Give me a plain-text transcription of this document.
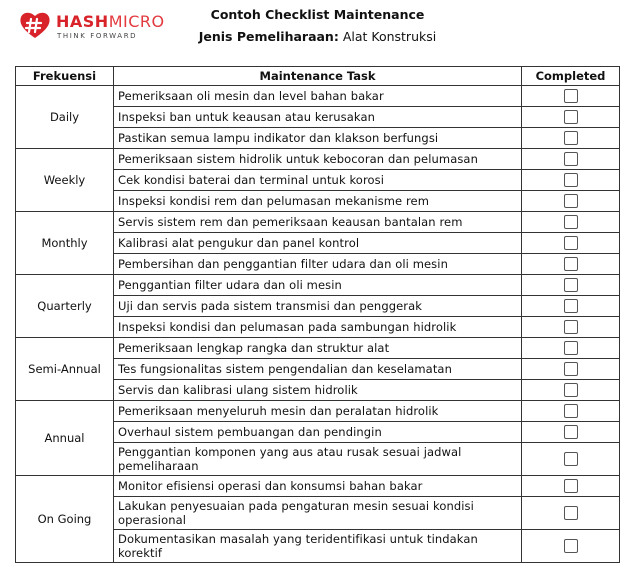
HASHMICRO
THINK FORWARD
Contoh Checklist Maintenance
Jenis Pemeliharaan: Alat Konstruksi
Frekuensi	Maintenance Task	Completed
Daily	Pemeriksaan oli mesin dan level bahan bakar	
	Inspeksi ban untuk keausan atau kerusakan	
	Pastikan semua lampu indikator dan klakson berfungsi	
Weekly	Pemeriksaan sistem hidrolik untuk kebocoran dan pelumasan	
	Cek kondisi baterai dan terminal untuk korosi	
	Inspeksi kondisi rem dan pelumasan mekanisme rem	
Monthly	Servis sistem rem dan pemeriksaan keausan bantalan rem	
	Kalibrasi alat pengukur dan panel kontrol	
	Pembersihan dan penggantian filter udara dan oli mesin	
Quarterly	Penggantian filter udara dan oli mesin	
	Uji dan servis pada sistem transmisi dan penggerak	
	Inspeksi kondisi dan pelumasan pada sambungan hidrolik	
Semi-Annual	Pemeriksaan lengkap rangka dan struktur alat	
	Tes fungsionalitas sistem pengendalian dan keselamatan	
	Servis dan kalibrasi ulang sistem hidrolik	
Annual	Pemeriksaan menyeluruh mesin dan peralatan hidrolik	
	Overhaul sistem pembuangan dan pendingin	
	Penggantian komponen yang aus atau rusak sesuai jadwal pemeliharaan	
On Going	Monitor efisiensi operasi dan konsumsi bahan bakar	
	Lakukan penyesuaian pada pengaturan mesin sesuai kondisi operasional	
	Dokumentasikan masalah yang teridentifikasi untuk tindakan korektif	
